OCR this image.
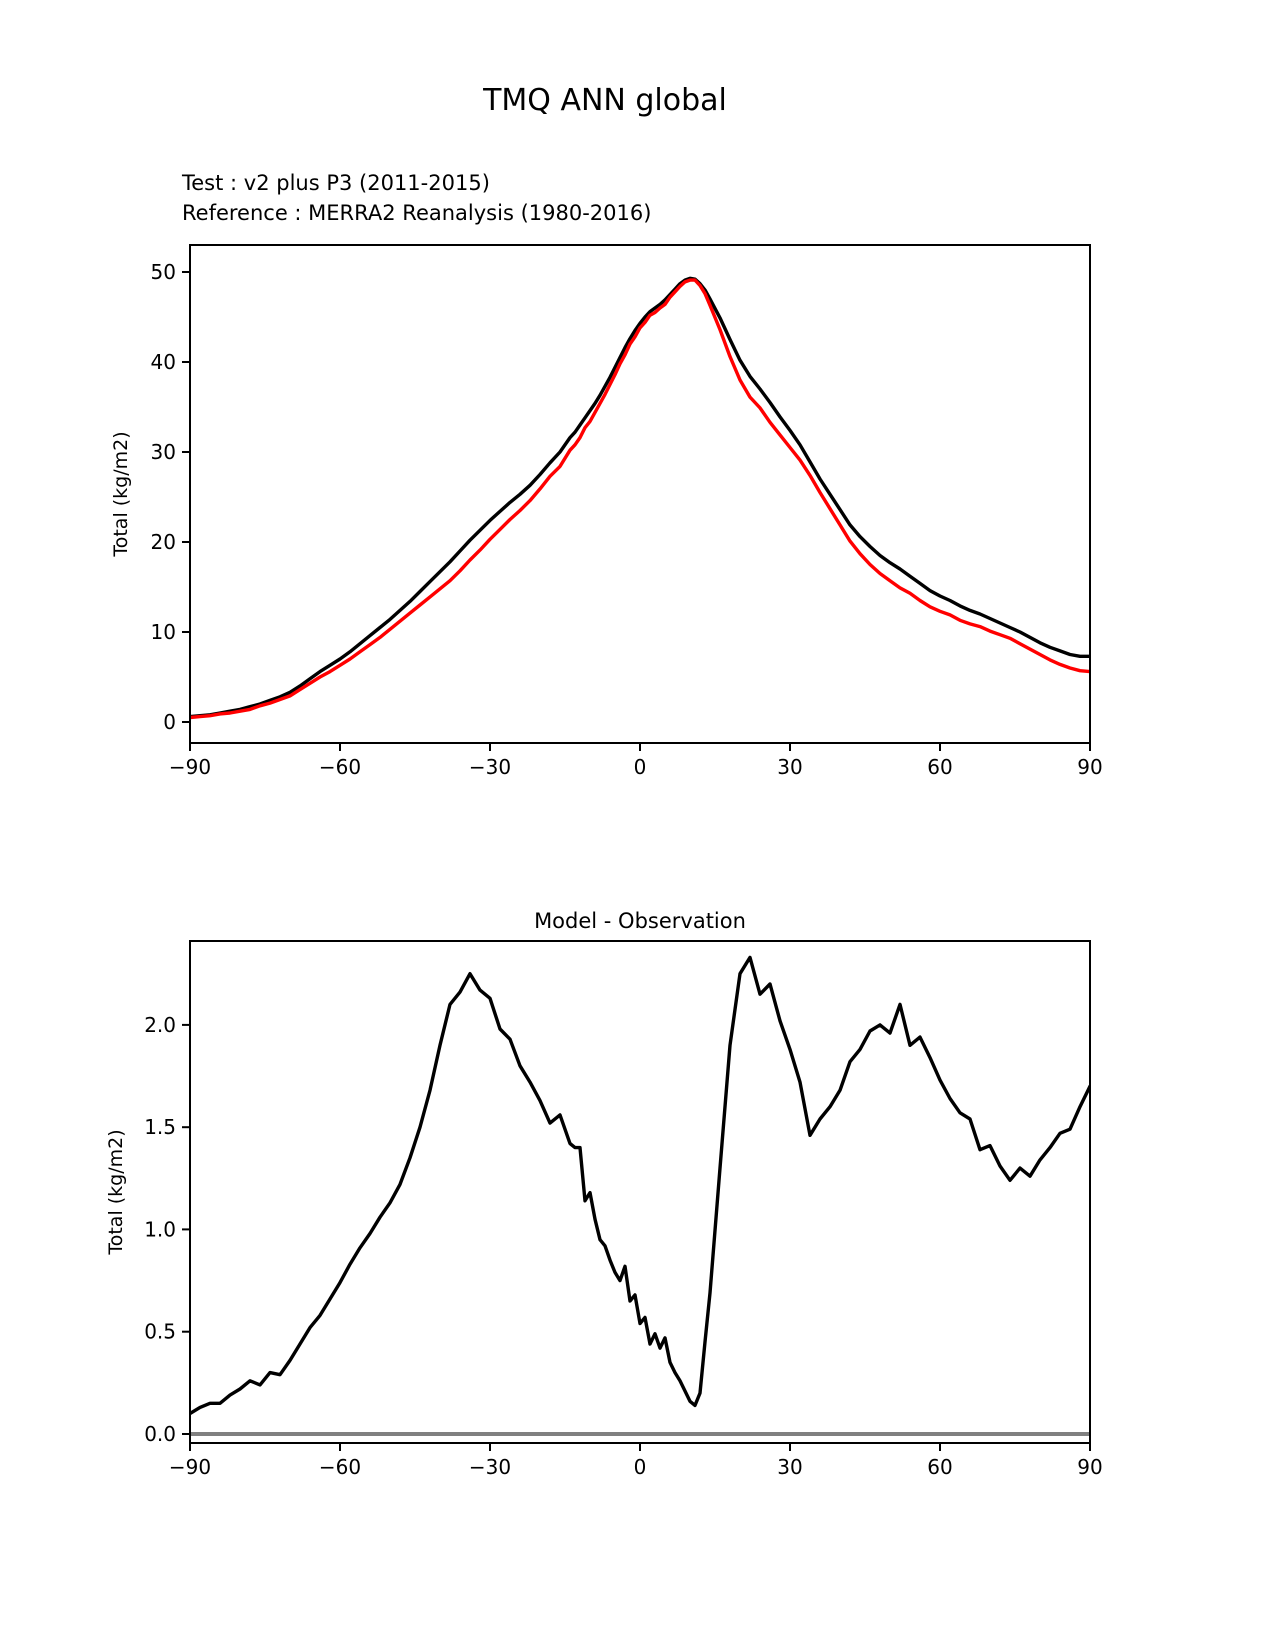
TMQ ANN global
Test : v2 plus P3 (2011-2015)
Reference : MERRA2 Reanalysis (1980-2016)
Total (kg/m2)
−90	−60	−30	0	30	60	90
0
10
20
30
40
50
Model - Observation
Total (kg/m2)
−90	−60	−30	0	30	60	90
0.0
0.5
1.0
1.5
2.0
